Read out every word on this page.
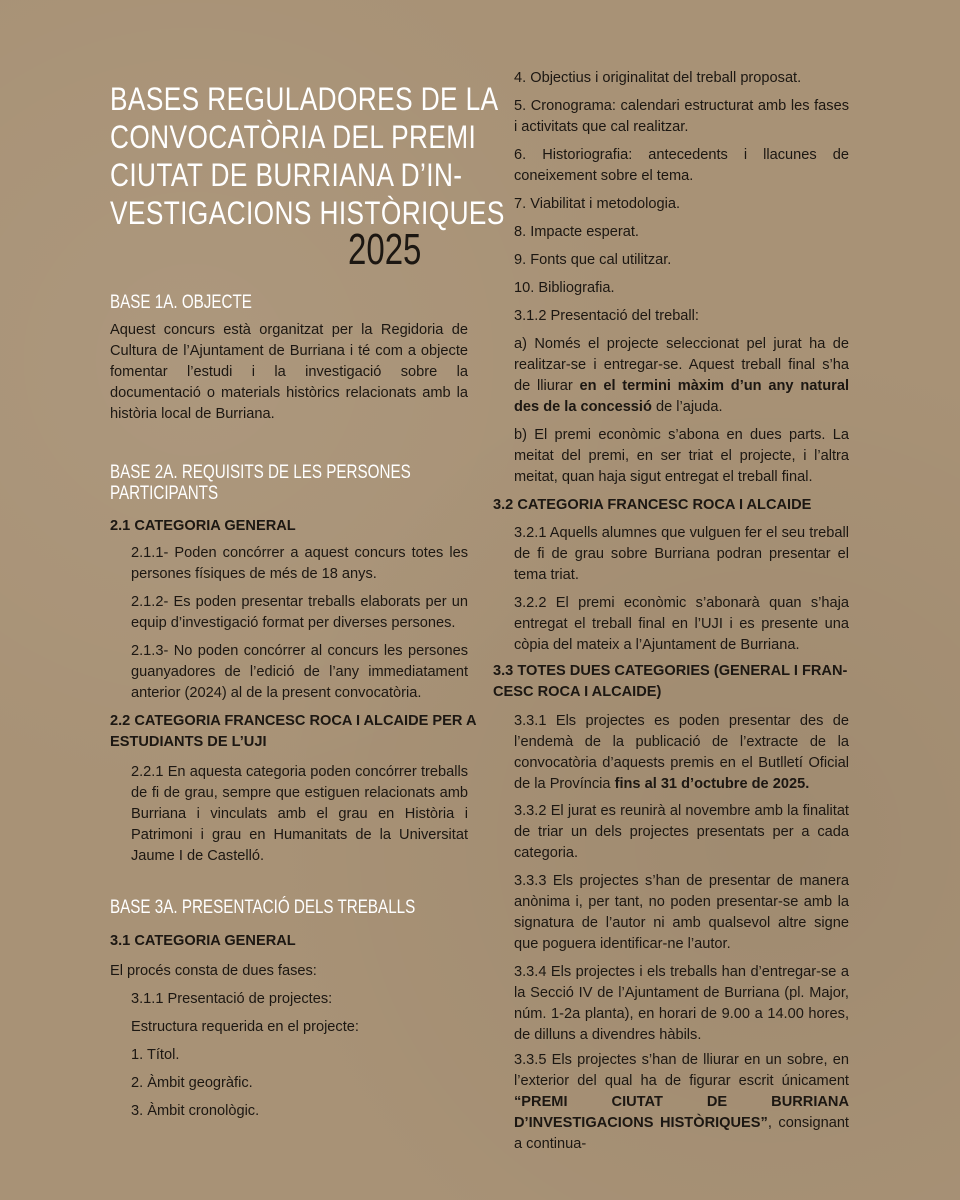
BASES REGULADORES DE LA
CONVOCATÒRIA DEL PREMI
CIUTAT DE BURRIANA D’IN-
VESTIGACIONS HISTÒRIQUES
2025
BASE 1A. OBJECTE
Aquest concurs està organitzat per la Regidoria de Cultura de l’Ajuntament de Burriana i té com a objecte fomentar l’estudi i la investigació sobre la documentació o materials històrics relacionats amb la història local de Burriana.
BASE 2A. REQUISITS DE LES PERSONES
PARTICIPANTS
2.1 CATEGORIA GENERAL
2.1.1- Poden concórrer a aquest concurs totes les persones físiques de més de 18 anys.
2.1.2- Es poden presentar treballs elaborats per un equip d’investigació format per diverses persones.
2.1.3- No poden concórrer al concurs les persones guanyadores de l’edició de l’any immediatament anterior (2024) al de la present convocatòria.
2.2 CATEGORIA FRANCESC ROCA I ALCAIDE PER A
ESTUDIANTS DE L’UJI
2.2.1 En aquesta categoria poden concórrer treballs de fi de grau, sempre que estiguen relacionats amb Burriana i vinculats amb el grau en Història i Patrimoni i grau en Humanitats de la Universitat Jaume I de Castelló.
BASE 3A. PRESENTACIÓ DELS TREBALLS
3.1 CATEGORIA GENERAL
El procés consta de dues fases:
3.1.1 Presentació de projectes:
Estructura requerida en el projecte:
1. Títol.
2. Àmbit geogràfic.
3. Àmbit cronològic.
4. Objectius i originalitat del treball proposat.
5. Cronograma: calendari estructurat amb les fases i activitats que cal realitzar.
6. Historiografia: antecedents i llacunes de coneixement sobre el tema.
7. Viabilitat i metodologia.
8. Impacte esperat.
9. Fonts que cal utilitzar.
10. Bibliografia.
3.1.2 Presentació del treball:
a) Només el projecte seleccionat pel jurat ha de realitzar-se i entregar-se. Aquest treball final s’ha de lliurar en el termini màxim d’un any natural des de la concessió de l’ajuda.
b) El premi econòmic s’abona en dues parts. La meitat del premi, en ser triat el projecte, i l’altra meitat, quan haja sigut entregat el treball final.
3.2 CATEGORIA FRANCESC ROCA I ALCAIDE
3.2.1 Aquells alumnes que vulguen fer el seu treball de fi de grau sobre Burriana podran presentar el tema triat.
3.2.2 El premi econòmic s’abonarà quan s’haja entregat el treball final en l’UJI i es presente una còpia del mateix a l’Ajuntament de Burriana.
3.3 TOTES DUES CATEGORIES (GENERAL I FRAN-
CESC ROCA I ALCAIDE)
3.3.1 Els projectes es poden presentar des de l’endemà de la publicació de l’extracte de la convocatòria d’aquests premis en el Butlletí Oficial de la Província fins al 31 d’octubre de 2025.
3.3.2 El jurat es reunirà al novembre amb la finalitat de triar un dels projectes presentats per a cada categoria.
3.3.3 Els projectes s’han de presentar de manera anònima i, per tant, no poden presentar-se amb la signatura de l’autor ni amb qualsevol altre signe que poguera identificar-ne l’autor.
3.3.4 Els projectes i els treballs han d’entregar-se a la Secció IV de l’Ajuntament de Burriana (pl. Major, núm. 1-2a planta), en horari de 9.00 a 14.00 hores, de dilluns a divendres hàbils.
3.3.5 Els projectes s’han de lliurar en un sobre, en l’exterior del qual ha de figurar escrit únicament “PREMI CIUTAT DE BURRIANA D’INVESTIGACIONS HISTÒRIQUES”, consignant a continua-
